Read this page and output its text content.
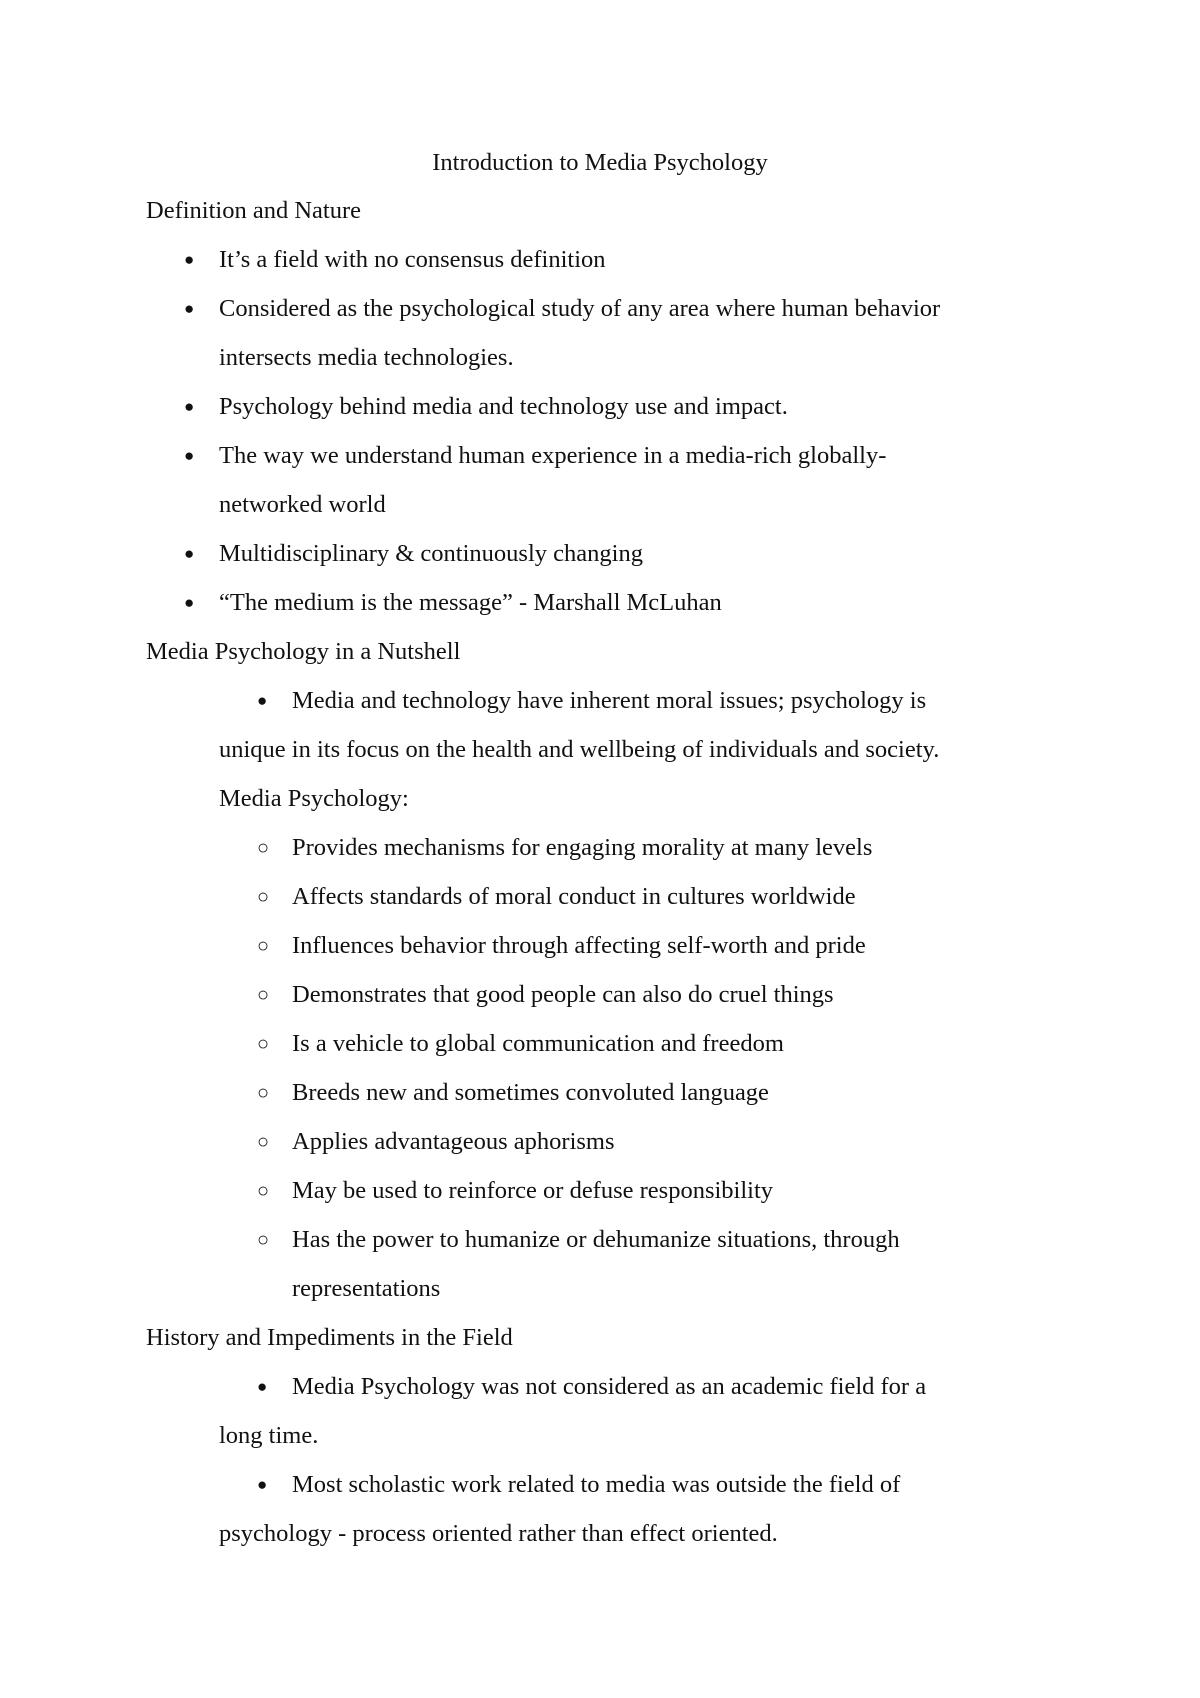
Introduction to Media Psychology
Definition and Nature
● It’s a field with no consensus definition
● Considered as the psychological study of any area where human behavior
intersects media technologies.
● Psychology behind media and technology use and impact.
● The way we understand human experience in a media-rich globally-
networked world
● Multidisciplinary & continuously changing
● “The medium is the message” - Marshall McLuhan
Media Psychology in a Nutshell
● Media and technology have inherent moral issues; psychology is
unique in its focus on the health and wellbeing of individuals and society.
Media Psychology:
○ Provides mechanisms for engaging morality at many levels
○ Affects standards of moral conduct in cultures worldwide
○ Influences behavior through affecting self-worth and pride
○ Demonstrates that good people can also do cruel things
○ Is a vehicle to global communication and freedom
○ Breeds new and sometimes convoluted language
○ Applies advantageous aphorisms
○ May be used to reinforce or defuse responsibility
○ Has the power to humanize or dehumanize situations, through
representations
History and Impediments in the Field
● Media Psychology was not considered as an academic field for a
long time.
● Most scholastic work related to media was outside the field of
psychology - process oriented rather than effect oriented.
